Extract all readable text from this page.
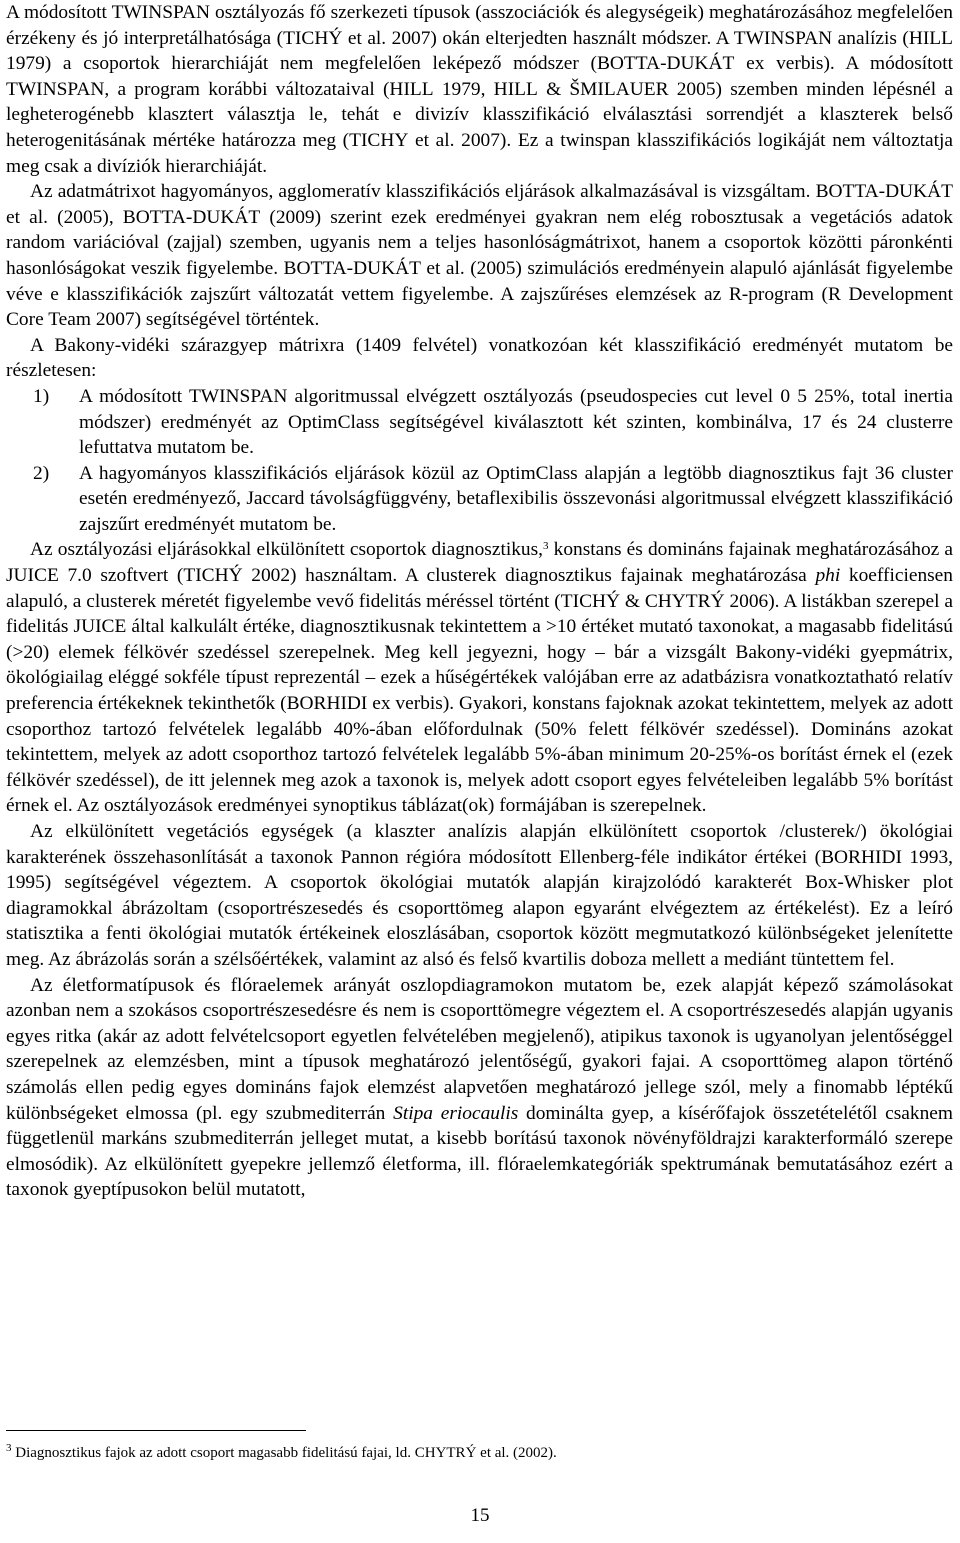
A módosított TWINSPAN osztályozás fő szerkezeti típusok (asszociációk és alegységeik) meghatározásához megfelelően érzékeny és jó interpretálhatósága (TICHÝ et al. 2007) okán elterjedten használt módszer. A TWINSPAN analízis (HILL 1979) a csoportok hierarchiáját nem megfelelően leképező módszer (BOTTA-DUKÁT ex verbis). A módosított TWINSPAN, a program korábbi változataival (HILL 1979, HILL & ŠMILAUER 2005) szemben minden lépésnél a legheterogénebb klasztert választja le, tehát e divizív klasszifikáció elválasztási sorrendjét a klaszterek belső heterogenitásának mértéke határozza meg (TICHY et al. 2007). Ez a twinspan klasszifikációs logikáját nem változtatja meg csak a divíziók hierarchiáját.

Az adatmátrixot hagyományos, agglomeratív klasszifikációs eljárások alkalmazásával is vizsgáltam. BOTTA-DUKÁT et al. (2005), BOTTA-DUKÁT (2009) szerint ezek eredményei gyakran nem elég robosztusak a vegetációs adatok random variációval (zajjal) szemben, ugyanis nem a teljes hasonlóságmátrixot, hanem a csoportok közötti páronkénti hasonlóságokat veszik figyelembe. BOTTA-DUKÁT et al. (2005) szimulációs eredményein alapuló ajánlását figyelembe véve e klasszifikációk zajszűrt változatát vettem figyelembe. A zajszűréses elemzések az R-program (R Development Core Team 2007) segítségével történtek.

A Bakony-vidéki szárazgyep mátrixra (1409 felvétel) vonatkozóan két klasszifikáció eredményét mutatom be részletesen:

1)	A módosított TWINSPAN algoritmussal elvégzett osztályozás (pseudospecies cut level 0 5 25%, total inertia módszer) eredményét az OptimClass segítségével kiválasztott két szinten, kombinálva, 17 és 24 clusterre lefuttatva mutatom be.
2)	A hagyományos klasszifikációs eljárások közül az OptimClass alapján a legtöbb diagnosztikus fajt 36 cluster esetén eredményező, Jaccard távolságfüggvény, betaflexibilis összevonási algoritmussal elvégzett klasszifikáció zajszűrt eredményét mutatom be.

Az osztályozási eljárásokkal elkülönített csoportok diagnosztikus,$^3$ konstans és domináns fajainak meghatározásához a JUICE 7.0 szoftvert (TICHÝ 2002) használtam. A clusterek diagnosztikus fajainak meghatározása phi koefficiensen alapuló, a clusterek méretét figyelembe vevő fidelitás méréssel történt (TICHÝ & CHYTRÝ 2006). A listákban szerepel a fidelitás JUICE által kalkulált értéke, diagnosztikusnak tekintettem a >10 értéket mutató taxonokat, a magasabb fidelitású (>20) elemek félkövér szedéssel szerepelnek. Meg kell jegyezni, hogy – bár a vizsgált Bakony-vidéki gyepmátrix, ökológiailag eléggé sokféle típust reprezentál – ezek a hűségértékek valójában erre az adatbázisra vonatkoztatható relatív preferencia értékeknek tekinthetők (BORHIDI ex verbis). Gyakori, konstans fajoknak azokat tekintettem, melyek az adott csoporthoz tartozó felvételek legalább 40%-ában előfordulnak (50% felett félkövér szedéssel). Domináns azokat tekintettem, melyek az adott csoporthoz tartozó felvételek legalább 5%-ában minimum 20-25%-os borítást érnek el (ezek félkövér szedéssel), de itt jelennek meg azok a taxonok is, melyek adott csoport egyes felvételeiben legalább 5% borítást érnek el. Az osztályozások eredményei synoptikus táblázat(ok) formájában is szerepelnek.

Az elkülönített vegetációs egységek (a klaszter analízis alapján elkülönített csoportok /clusterek/) ökológiai karakterének összehasonlítását a taxonok Pannon régióra módosított Ellenberg-féle indikátor értékei (BORHIDI 1993, 1995) segítségével végeztem. A csoportok ökológiai mutatók alapján kirajzolódó karakterét Box-Whisker plot diagramokkal ábrázoltam (csoportrészesedés és csoporttömeg alapon egyaránt elvégeztem az értékelést). Ez a leíró statisztika a fenti ökológiai mutatók értékeinek eloszlásában, csoportok között megmutatkozó különbségeket jelenítette meg. Az ábrázolás során a szélsőértékek, valamint az alsó és felső kvartilis doboza mellett a mediánt tüntettem fel.

Az életformatípusok és flóraelemek arányát oszlopdiagramokon mutatom be, ezek alapját képező számolásokat azonban nem a szokásos csoportrészesedésre és nem is csoporttömegre végeztem el. A csoportrészesedés alapján ugyanis egyes ritka (akár az adott felvételcsoport egyetlen felvételében megjelenő), atipikus taxonok is ugyanolyan jelentőséggel szerepelnek az elemzésben, mint a típusok meghatározó jelentőségű, gyakori fajai. A csoporttömeg alapon történő számolás ellen pedig egyes domináns fajok elemzést alapvetően meghatározó jellege szól, mely a finomabb léptékű különbségeket elmossa (pl. egy szubmediterrán Stipa eriocaulis dominálta gyep, a kísérőfajok összetételétől csaknem függetlenül markáns szubmediterrán jelleget mutat, a kisebb borítású taxonok növényföldrajzi karakterformáló szerepe elmosódik). Az elkülönített gyepekre jellemző életforma, ill. flóraelemkategóriák spektrumának bemutatásához ezért a taxonok gyeptípusokon belül mutatott,

$^3$ Diagnosztikus fajok az adott csoport magasabb fidelitású fajai, ld. CHYTRÝ et al. (2002).
15
